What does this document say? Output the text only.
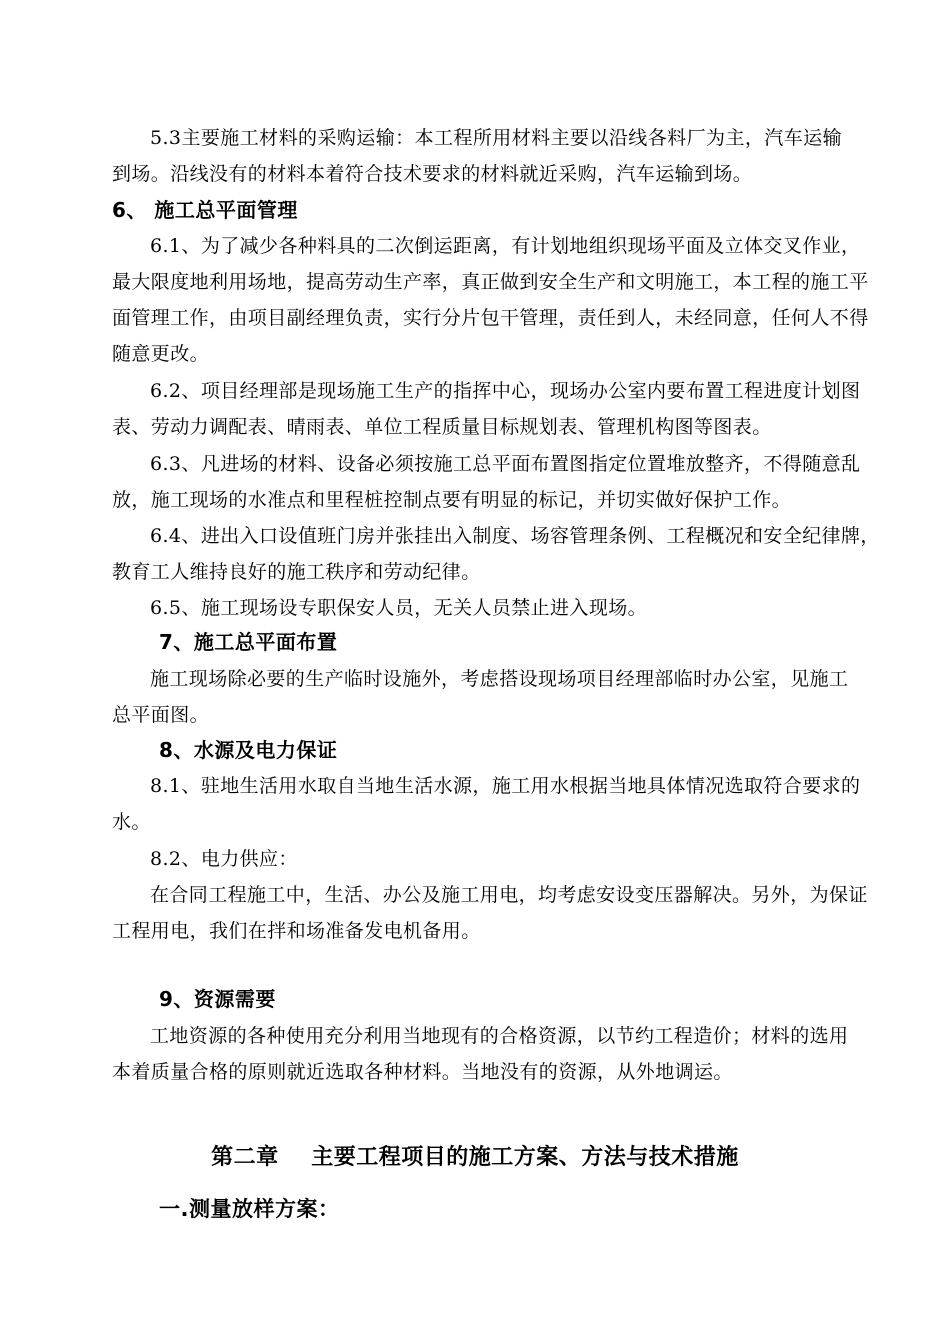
5.3主要施工材料的采购运输：本工程所用材料主要以沿线各料厂为主，汽车运输
到场。沿线没有的材料本着符合技术要求的材料就近采购，汽车运输到场。
6、 施工总平面管理
6.1、为了减少各种料具的二次倒运距离，有计划地组织现场平面及立体交叉作业，
最大限度地利用场地，提高劳动生产率，真正做到安全生产和文明施工，本工程的施工平
面管理工作，由项目副经理负责，实行分片包干管理，责任到人，未经同意，任何人不得
随意更改。
6.2、项目经理部是现场施工生产的指挥中心，现场办公室内要布置工程进度计划图
表、劳动力调配表、晴雨表、单位工程质量目标规划表、管理机构图等图表。
6.3、凡进场的材料、设备必须按施工总平面布置图指定位置堆放整齐，不得随意乱
放，施工现场的水准点和里程桩控制点要有明显的标记，并切实做好保护工作。
6.4、进出入口设值班门房并张挂出入制度、场容管理条例、工程概况和安全纪律牌，
教育工人维持良好的施工秩序和劳动纪律。
6.5、施工现场设专职保安人员，无关人员禁止进入现场。
7、施工总平面布置
施工现场除必要的生产临时设施外，考虑搭设现场项目经理部临时办公室，见施工
总平面图。
8、水源及电力保证
8.1、驻地生活用水取自当地生活水源，施工用水根据当地具体情况选取符合要求的
水。
8.2、电力供应：
在合同工程施工中，生活、办公及施工用电，均考虑安设变压器解决。另外，为保证
工程用电，我们在拌和场准备发电机备用。
9、资源需要
工地资源的各种使用充分利用当地现有的合格资源，以节约工程造价；材料的选用
本着质量合格的原则就近选取各种材料。当地没有的资源，从外地调运。
第二章    主要工程项目的施工方案、方法与技术措施
一.测量放样方案：
